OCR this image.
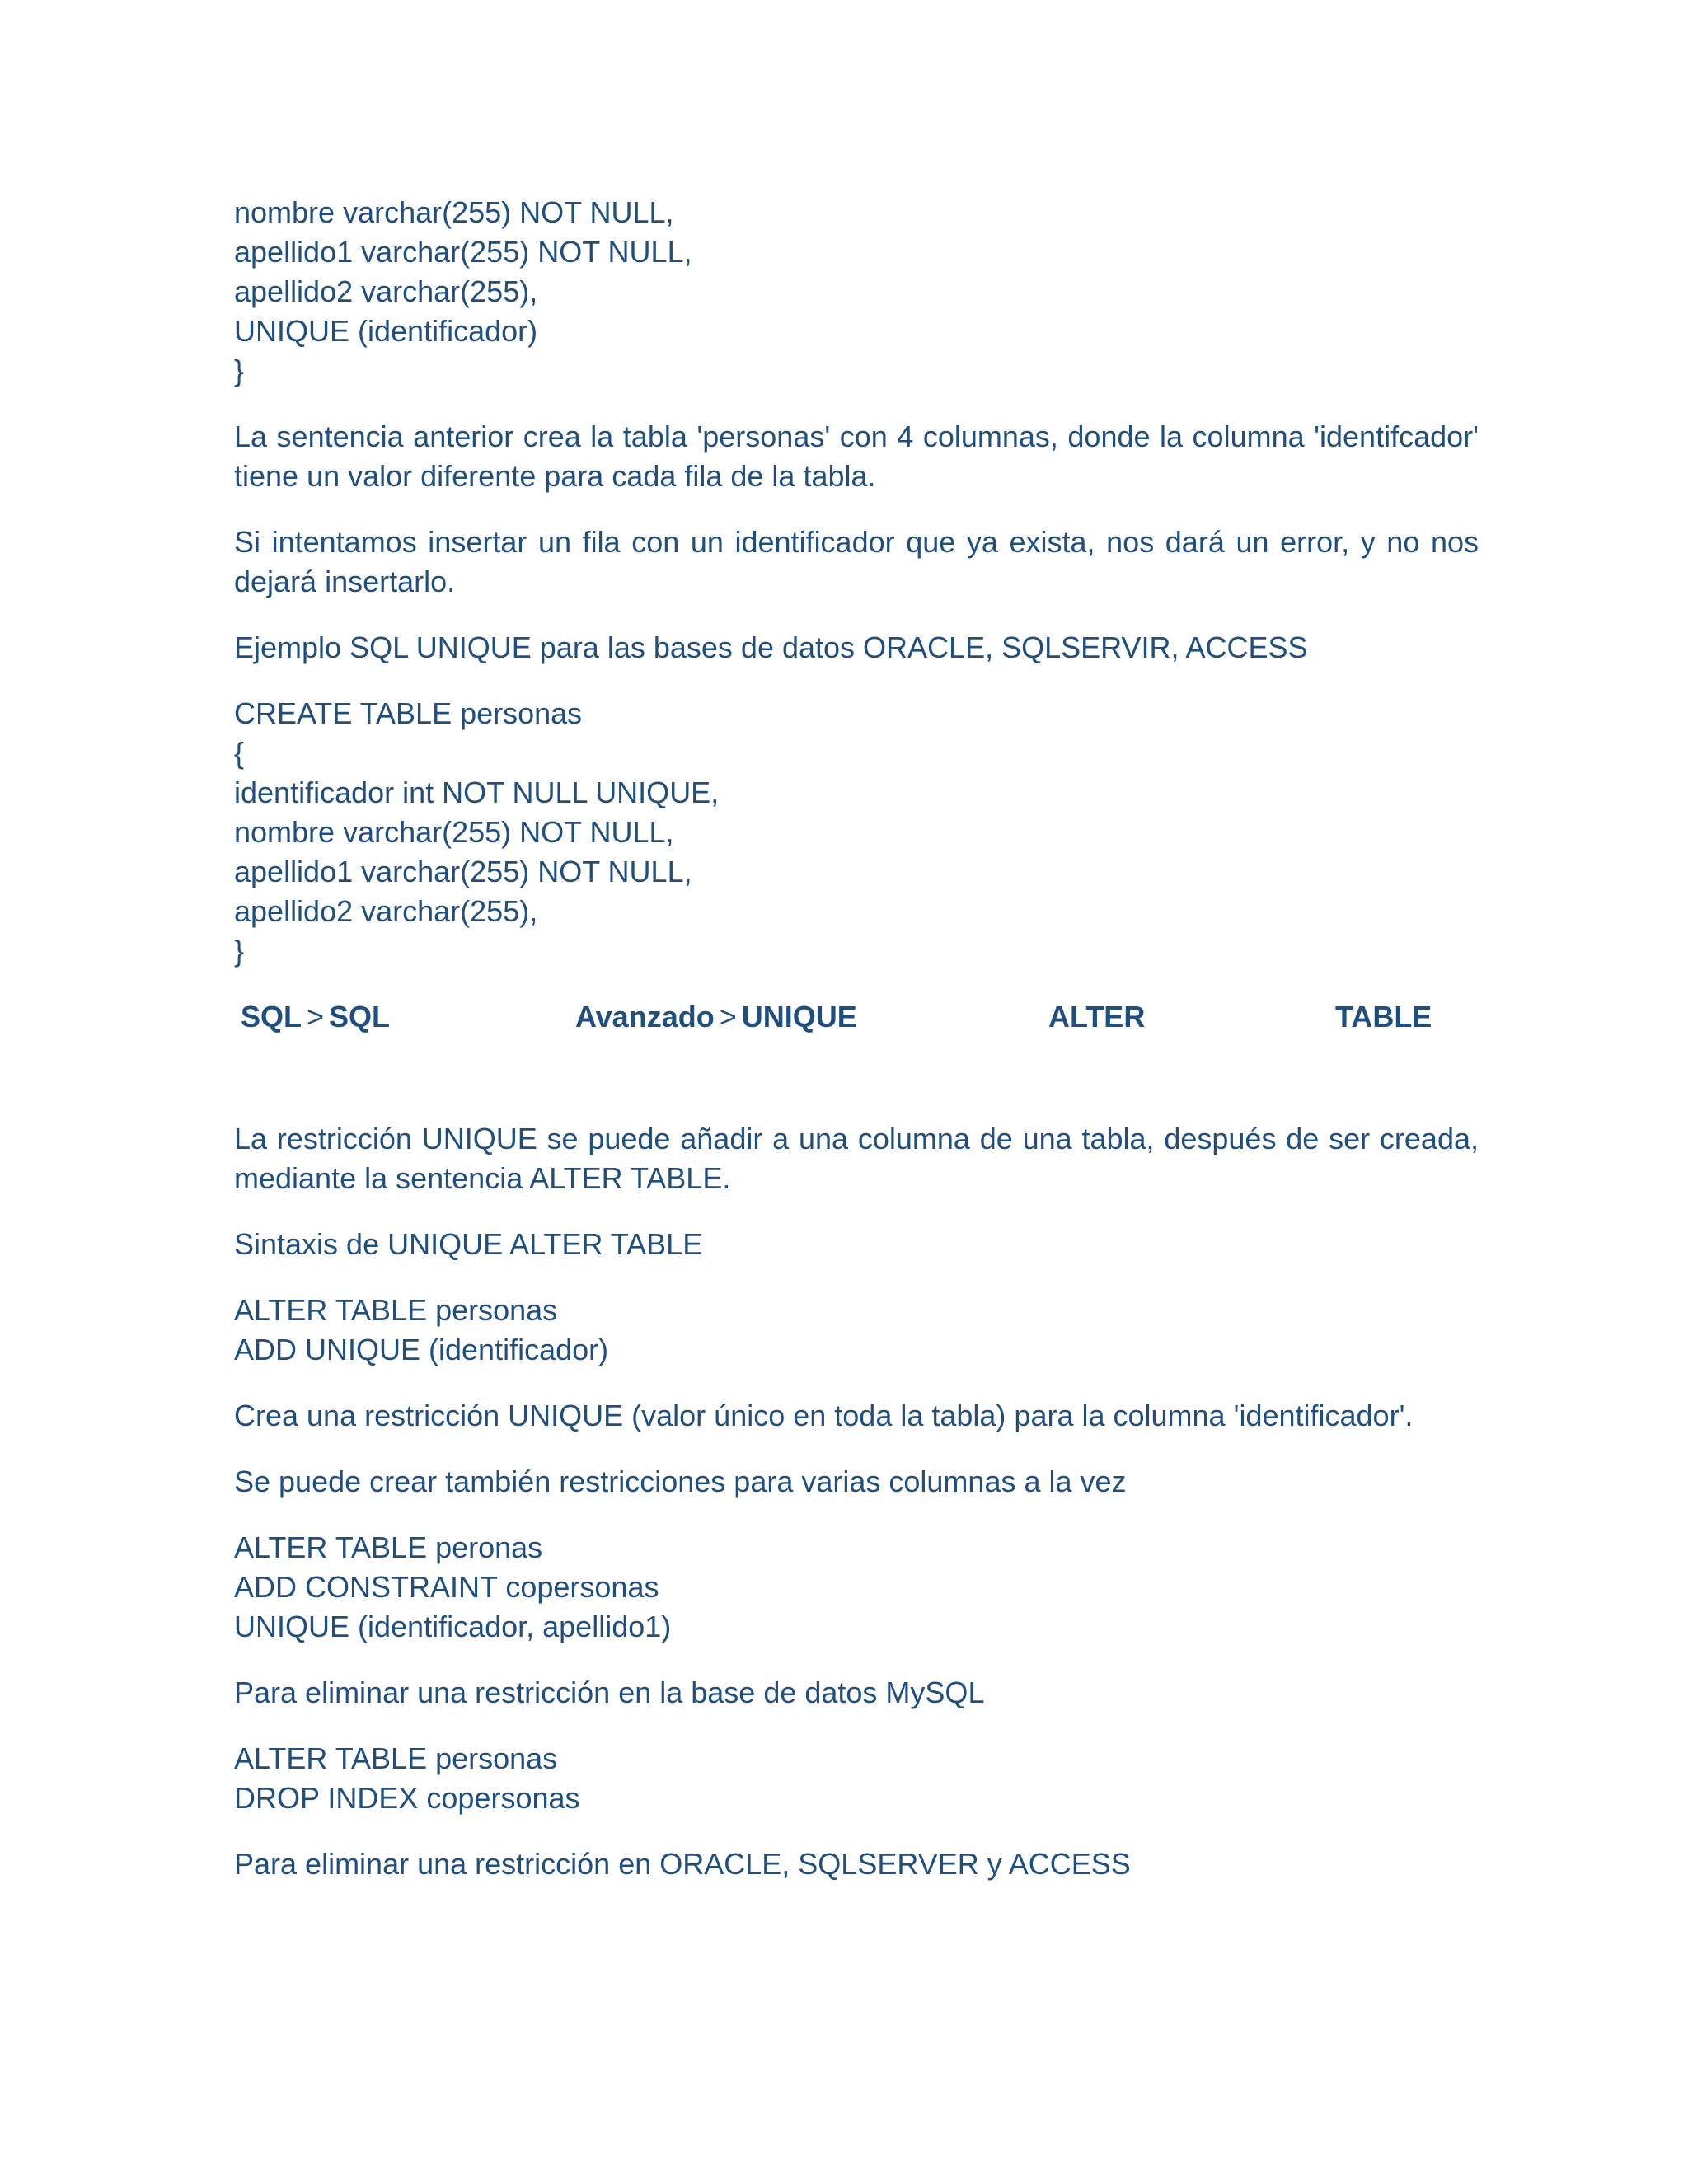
nombre varchar(255) NOT NULL,
apellido1 varchar(255) NOT NULL,
apellido2 varchar(255),
UNIQUE (identificador)
}

La sentencia anterior crea la tabla 'personas' con 4 columnas, donde la columna 'identifcador' tiene un valor diferente para cada fila de la tabla.

Si intentamos insertar un fila con un identificador que ya exista, nos dará un error, y no nos dejará insertarlo.

Ejemplo SQL UNIQUE para las bases de datos ORACLE, SQLSERVIR, ACCESS

CREATE TABLE personas
{
identificador int NOT NULL UNIQUE,
nombre varchar(255) NOT NULL,
apellido1 varchar(255) NOT NULL,
apellido2 varchar(255),
}
SQL > SQL	Avanzado > UNIQUE	ALTER	TABLE

La restricción UNIQUE se puede añadir a una columna de una tabla, después de ser creada, mediante la sentencia ALTER TABLE.

Sintaxis de UNIQUE ALTER TABLE

ALTER TABLE personas
ADD UNIQUE (identificador)

Crea una restricción UNIQUE (valor único en toda la tabla) para la columna 'identificador'.

Se puede crear también restricciones para varias columnas a la vez

ALTER TABLE peronas
ADD CONSTRAINT copersonas
UNIQUE (identificador, apellido1)

Para eliminar una restricción en la base de datos MySQL

ALTER TABLE personas
DROP INDEX copersonas

Para eliminar una restricción en ORACLE, SQLSERVER y ACCESS
